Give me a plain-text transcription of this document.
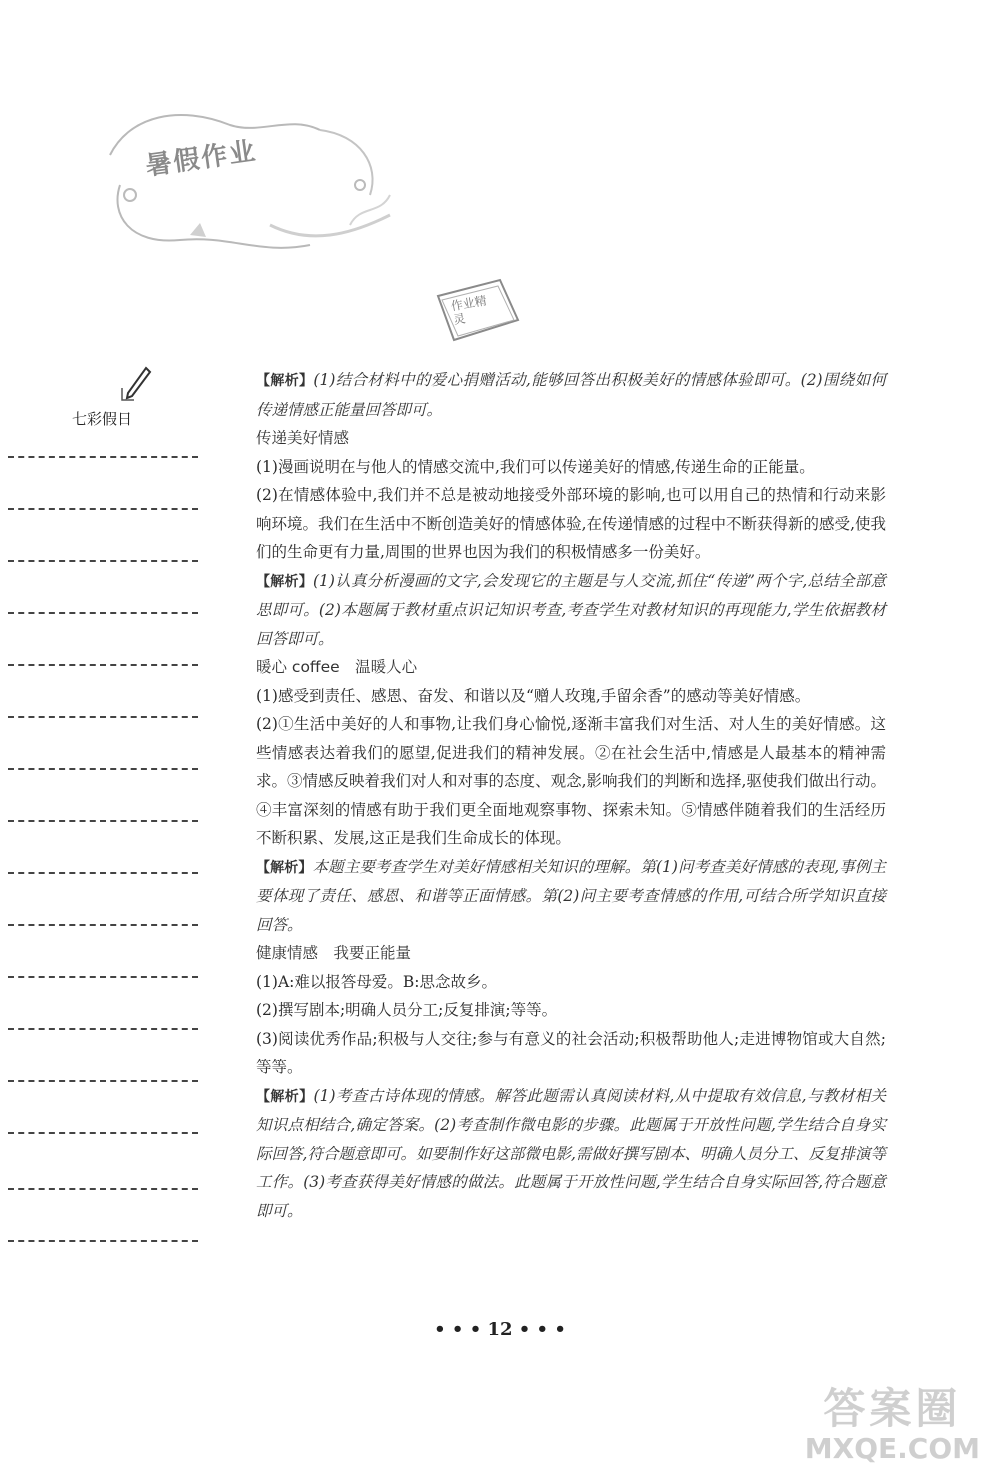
暑假作业
作业精灵
七彩假日

【解析】(1)结合材料中的爱心捐赠活动,能够回答出积极美好的情感体验即可。(2)围绕如何传递情感正能量回答即可。

传递美好情感

(1)漫画说明在与他人的情感交流中,我们可以传递美好的情感,传递生命的正能量。

(2)在情感体验中,我们并不总是被动地接受外部环境的影响,也可以用自己的热情和行动来影响环境。我们在生活中不断创造美好的情感体验,在传递情感的过程中不断获得新的感受,使我们的生命更有力量,周围的世界也因为我们的积极情感多一份美好。

【解析】(1)认真分析漫画的文字,会发现它的主题是与人交流,抓住“传递”两个字,总结全部意思即可。(2)本题属于教材重点识记知识考查,考查学生对教材知识的再现能力,学生依据教材回答即可。

暖心 coffee　温暖人心

(1)感受到责任、感恩、奋发、和谐以及“赠人玫瑰,手留余香”的感动等美好情感。

(2)①生活中美好的人和事物,让我们身心愉悦,逐渐丰富我们对生活、对人生的美好情感。这些情感表达着我们的愿望,促进我们的精神发展。②在社会生活中,情感是人最基本的精神需求。③情感反映着我们对人和对事的态度、观念,影响我们的判断和选择,驱使我们做出行动。④丰富深刻的情感有助于我们更全面地观察事物、探索未知。⑤情感伴随着我们的生活经历不断积累、发展,这正是我们生命成长的体现。

【解析】本题主要考查学生对美好情感相关知识的理解。第(1)问考查美好情感的表现,事例主要体现了责任、感恩、和谐等正面情感。第(2)问主要考查情感的作用,可结合所学知识直接回答。

健康情感　我要正能量

(1)A:难以报答母爱。B:思念故乡。

(2)撰写剧本;明确人员分工;反复排演;等等。

(3)阅读优秀作品;积极与人交往;参与有意义的社会活动;积极帮助他人;走进博物馆或大自然;等等。

【解析】(1)考查古诗体现的情感。解答此题需认真阅读材料,从中提取有效信息,与教材相关知识点相结合,确定答案。(2)考查制作微电影的步骤。此题属于开放性问题,学生结合自身实际回答,符合题意即可。如要制作好这部微电影,需做好撰写剧本、明确人员分工、反复排演等工作。(3)考查获得美好情感的做法。此题属于开放性问题,学生结合自身实际回答,符合题意即可。

• • • 12 • • •
答案圈
MXQE.COM
